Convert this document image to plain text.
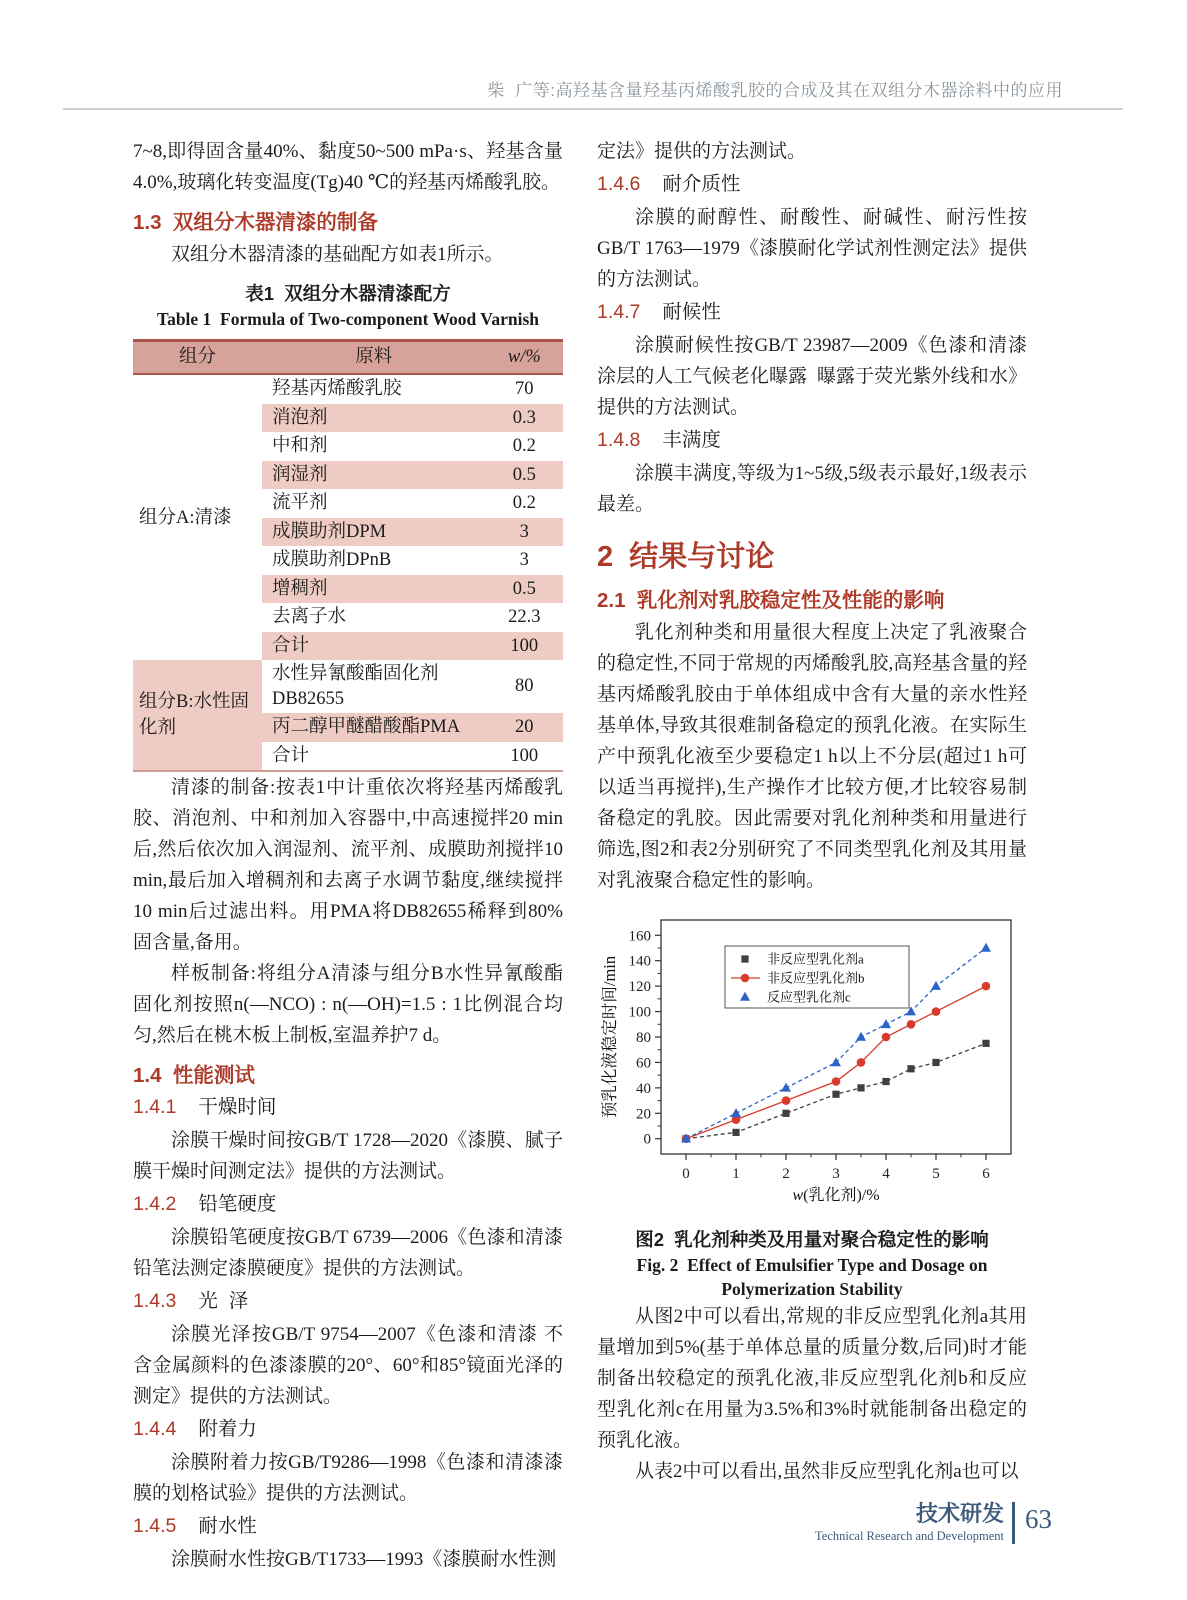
柴  广等:高羟基含量羟基丙烯酸乳胶的合成及其在双组分木器涂料中的应用

7~8,即得固含量40%、黏度50~500 mPa·s、羟基含量4.0%,玻璃化转变温度(Tg)40 ℃的羟基丙烯酸乳胶。

1.3  双组分木器清漆的制备

双组分木器清漆的基础配方如表1所示。

表1  双组分木器清漆配方
Table 1  Formula of Two-component Wood Varnish
组分	原料	w/%
组分A:清漆	羟基丙烯酸乳胶	70
	消泡剂	0.3
	中和剂	0.2
	润湿剂	0.5
	流平剂	0.2
	成膜助剂DPM	3
	成膜助剂DPnB	3
	增稠剂	0.5
	去离子水	22.3
	合计	100
组分B:水性固化剂	水性异氰酸酯固化剂DB82655	80
	丙二醇甲醚醋酸酯PMA	20
	合计	100

清漆的制备:按表1中计重依次将羟基丙烯酸乳胶、消泡剂、中和剂加入容器中,中高速搅拌20 min后,然后依次加入润湿剂、流平剂、成膜助剂搅拌10 min,最后加入增稠剂和去离子水调节黏度,继续搅拌10 min后过滤出料。用PMA将DB82655稀释到80%固含量,备用。

样板制备:将组分A清漆与组分B水性异氰酸酯固化剂按照n(—NCO) : n(—OH)=1.5 : 1比例混合均匀,然后在桃木板上制板,室温养护7 d。

1.4  性能测试
1.4.1 干燥时间

涂膜干燥时间按GB/T 1728—2020《漆膜、腻子膜干燥时间测定法》提供的方法测试。

1.4.2 铅笔硬度

涂膜铅笔硬度按GB/T 6739—2006《色漆和清漆铅笔法测定漆膜硬度》提供的方法测试。

1.4.3 光  泽

涂膜光泽按GB/T 9754—2007《色漆和清漆 不含金属颜料的色漆漆膜的20°、60°和85°镜面光泽的测定》提供的方法测试。

1.4.4 附着力

涂膜附着力按GB/T9286—1998《色漆和清漆漆膜的划格试验》提供的方法测试。

1.4.5 耐水性

涂膜耐水性按GB/T1733—1993《漆膜耐水性测

定法》提供的方法测试。

1.4.6 耐介质性

涂膜的耐醇性、耐酸性、耐碱性、耐污性按GB/T 1763—1979《漆膜耐化学试剂性测定法》提供的方法测试。

1.4.7 耐候性

涂膜耐候性按GB/T 23987—2009《色漆和清漆涂层的人工气候老化曝露  曝露于荧光紫外线和水》提供的方法测试。

1.4.8 丰满度

涂膜丰满度,等级为1~5级,5级表示最好,1级表示最差。

2  结果与讨论
2.1  乳化剂对乳胶稳定性及性能的影响

乳化剂种类和用量很大程度上决定了乳液聚合的稳定性,不同于常规的丙烯酸乳胶,高羟基含量的羟基丙烯酸乳胶由于单体组成中含有大量的亲水性羟基单体,导致其很难制备稳定的预乳化液。在实际生产中预乳化液至少要稳定1 h以上不分层(超过1 h可以适当再搅拌),生产操作才比较方便,才比较容易制备稳定的乳胶。因此需要对乳化剂种类和用量进行筛选,图2和表2分别研究了不同类型乳化剂及其用量对乳液聚合稳定性的影响。

0
20
40
60
80
100
120
140
160
0	1	2	3	4	5	6
w(乳化剂)/%
预乳化液稳定时间/min	非反应型乳化剂a
非反应型乳化剂b
反应型乳化剂c
图2  乳化剂种类及用量对聚合稳定性的影响
Fig. 2  Effect of Emulsifier Type and Dosage on
Polymerization Stability

从图2中可以看出,常规的非反应型乳化剂a其用量增加到5%(基于单体总量的质量分数,后同)时才能制备出较稳定的预乳化液,非反应型乳化剂b和反应型乳化剂c在用量为3.5%和3%时就能制备出稳定的预乳化液。

从表2中可以看出,虽然非反应型乳化剂a也可以

技术研发
Technical Research and Development
63
